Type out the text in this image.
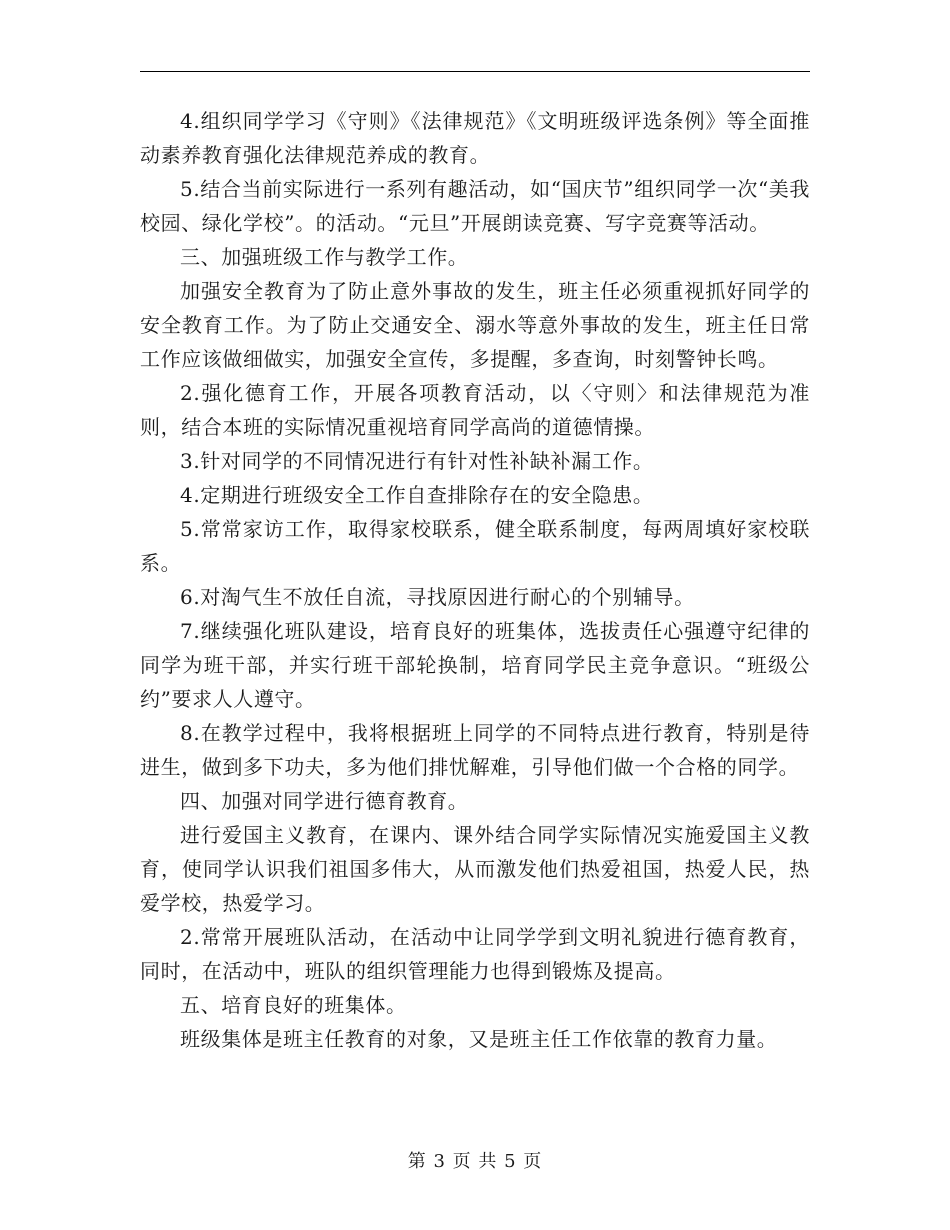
4.组织同学学习《守则》《法律规范》《文明班级评选条例》等全面推动素养教育强化法律规范养成的教育。

5.结合当前实际进行一系列有趣活动，如“国庆节”组织同学一次“美我校园、绿化学校”。的活动。“元旦”开展朗读竞赛、写字竞赛等活动。

三、加强班级工作与教学工作。

加强安全教育为了防止意外事故的发生，班主任必须重视抓好同学的安全教育工作。为了防止交通安全、溺水等意外事故的发生，班主任日常工作应该做细做实，加强安全宣传，多提醒，多查询，时刻警钟长鸣。

2.强化德育工作，开展各项教育活动，以〈守则〉和法律规范为准则，结合本班的实际情况重视培育同学高尚的道德情操。

3.针对同学的不同情况进行有针对性补缺补漏工作。

4.定期进行班级安全工作自查排除存在的安全隐患。

5.常常家访工作，取得家校联系，健全联系制度，每两周填好家校联系。

6.对淘气生不放任自流，寻找原因进行耐心的个别辅导。

7.继续强化班队建设，培育良好的班集体，选拔责任心强遵守纪律的同学为班干部，并实行班干部轮换制，培育同学民主竞争意识。“班级公约”要求人人遵守。

8.在教学过程中，我将根据班上同学的不同特点进行教育，特别是待进生，做到多下功夫，多为他们排忧解难，引导他们做一个合格的同学。

四、加强对同学进行德育教育。

进行爱国主义教育，在课内、课外结合同学实际情况实施爱国主义教育，使同学认识我们祖国多伟大，从而激发他们热爱祖国，热爱人民，热爱学校，热爱学习。

2.常常开展班队活动，在活动中让同学学到文明礼貌进行德育教育，同时，在活动中，班队的组织管理能力也得到锻炼及提高。

五、培育良好的班集体。

班级集体是班主任教育的对象，又是班主任工作依靠的教育力量。

第 3 页 共 5 页
